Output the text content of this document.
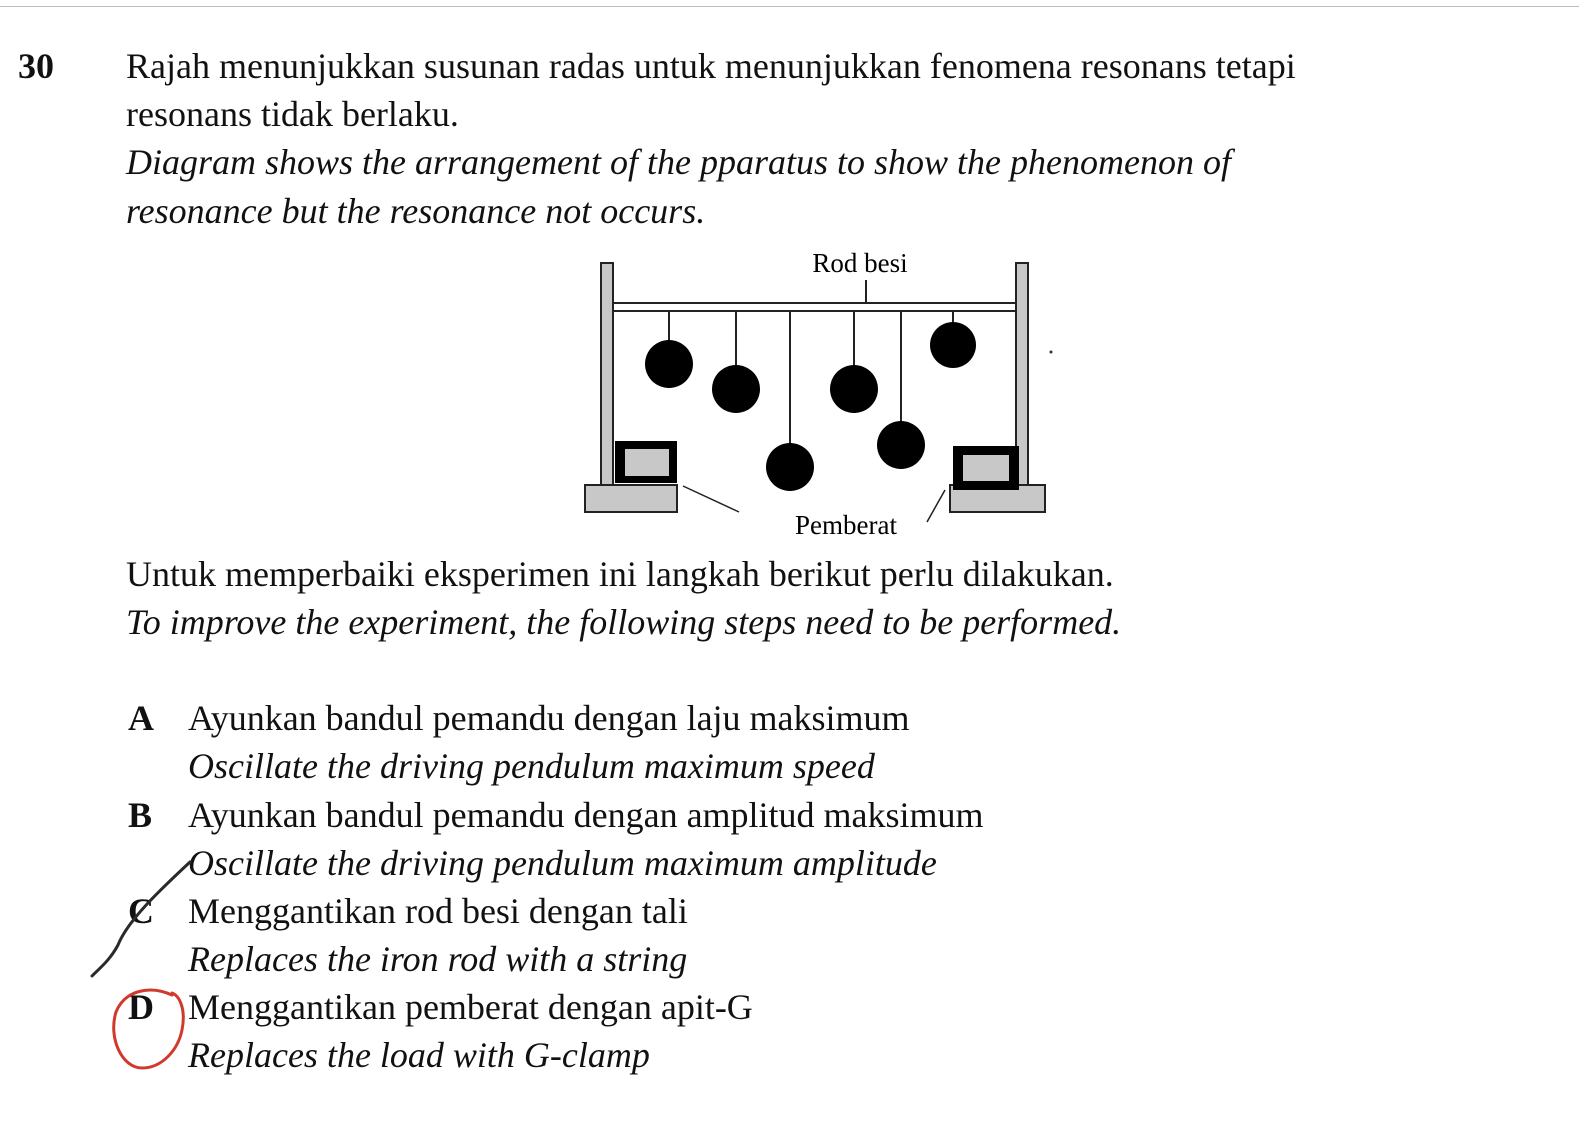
30 Rajah menunjukkan susunan radas untuk menunjukkan fenomena resonans tetapi
resonans tidak berlaku.
Diagram shows the arrangement of the pparatus to show the phenomenon of
resonance but the resonance not occurs.
Rod besi
Pemberat
Untuk memperbaiki eksperimen ini langkah berikut perlu dilakukan.
To improve the experiment, the following steps need to be performed.
A Ayunkan bandul pemandu dengan laju maksimum
Oscillate the driving pendulum maximum speed
B Ayunkan bandul pemandu dengan amplitud maksimum
Oscillate the driving pendulum maximum amplitude
C Menggantikan rod besi dengan tali
Replaces the iron rod with a string
D Menggantikan pemberat dengan apit-G
Replaces the load with G-clamp
